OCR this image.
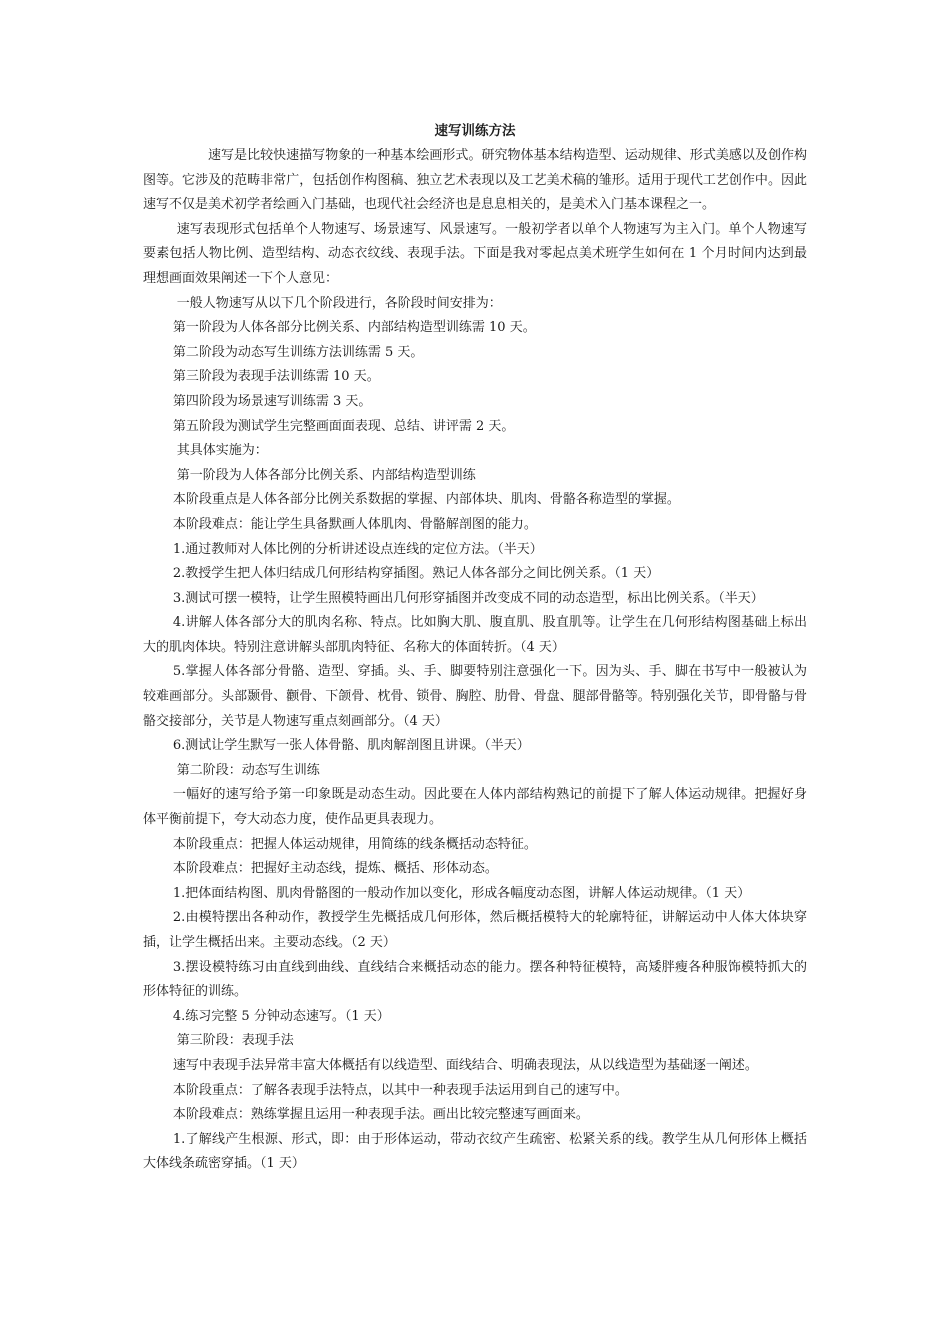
速写训练方法

速写是比较快速描写物象的一种基本绘画形式。研究物体基本结构造型、运动规律、形式美感以及创作构图等。它涉及的范畴非常广，包括创作构图稿、独立艺术表现以及工艺美术稿的雏形。适用于现代工艺创作中。因此速写不仅是美术初学者绘画入门基础，也现代社会经济也是息息相关的，是美术入门基本课程之一。

速写表现形式包括单个人物速写、场景速写、风景速写。一般初学者以单个人物速写为主入门。单个人物速写要素包括人物比例、造型结构、动态衣纹线、表现手法。下面是我对零起点美术班学生如何在 1 个月时间内达到最理想画面效果阐述一下个人意见：

一般人物速写从以下几个阶段进行，各阶段时间安排为：

第一阶段为人体各部分比例关系、内部结构造型训练需 10 天。

第二阶段为动态写生训练方法训练需 5 天。

第三阶段为表现手法训练需 10 天。

第四阶段为场景速写训练需 3 天。

第五阶段为测试学生完整画面面表现、总结、讲评需 2 天。

其具体实施为：

第一阶段为人体各部分比例关系、内部结构造型训练

本阶段重点是人体各部分比例关系数据的掌握、内部体块、肌肉、骨骼各称造型的掌握。

本阶段难点：能让学生具备默画人体肌肉、骨骼解剖图的能力。

1.通过教师对人体比例的分析讲述设点连线的定位方法。（半天）

2.教授学生把人体归结成几何形结构穿插图。熟记人体各部分之间比例关系。（1 天）

3.测试可摆一模特，让学生照模特画出几何形穿插图并改变成不同的动态造型，标出比例关系。（半天）

4.讲解人体各部分大的肌肉名称、特点。比如胸大肌、腹直肌、股直肌等。让学生在几何形结构图基础上标出大的肌肉体块。特别注意讲解头部肌肉特征、名称大的体面转折。（4 天）

5.掌握人体各部分骨骼、造型、穿插。头、手、脚要特别注意强化一下。因为头、手、脚在书写中一般被认为较难画部分。头部颞骨、颧骨、下颌骨、枕骨、锁骨、胸腔、肋骨、骨盘、腿部骨骼等。特别强化关节，即骨骼与骨骼交接部分，关节是人物速写重点刻画部分。（4 天）

6.测试让学生默写一张人体骨骼、肌肉解剖图且讲课。（半天）

第二阶段：动态写生训练

一幅好的速写给予第一印象既是动态生动。因此要在人体内部结构熟记的前提下了解人体运动规律。把握好身体平衡前提下，夸大动态力度，使作品更具表现力。

本阶段重点：把握人体运动规律，用简练的线条概括动态特征。

本阶段难点：把握好主动态线，提炼、概括、形体动态。

1.把体面结构图、肌肉骨骼图的一般动作加以变化，形成各幅度动态图，讲解人体运动规律。（1 天）

2.由模特摆出各种动作，教授学生先概括成几何形体，然后概括模特大的轮廓特征，讲解运动中人体大体块穿插，让学生概括出来。主要动态线。（2 天）

3.摆设模特练习由直线到曲线、直线结合来概括动态的能力。摆各种特征模特，高矮胖瘦各种服饰模特抓大的形体特征的训练。

4.练习完整 5 分钟动态速写。（1 天）

第三阶段：表现手法

速写中表现手法异常丰富大体概括有以线造型、面线结合、明确表现法，从以线造型为基础逐一阐述。

本阶段重点：了解各表现手法特点，以其中一种表现手法运用到自己的速写中。

本阶段难点：熟练掌握且运用一种表现手法。画出比较完整速写画面来。

1.了解线产生根源、形式，即：由于形体运动，带动衣纹产生疏密、松紧关系的线。教学生从几何形体上概括大体线条疏密穿插。（1 天）
